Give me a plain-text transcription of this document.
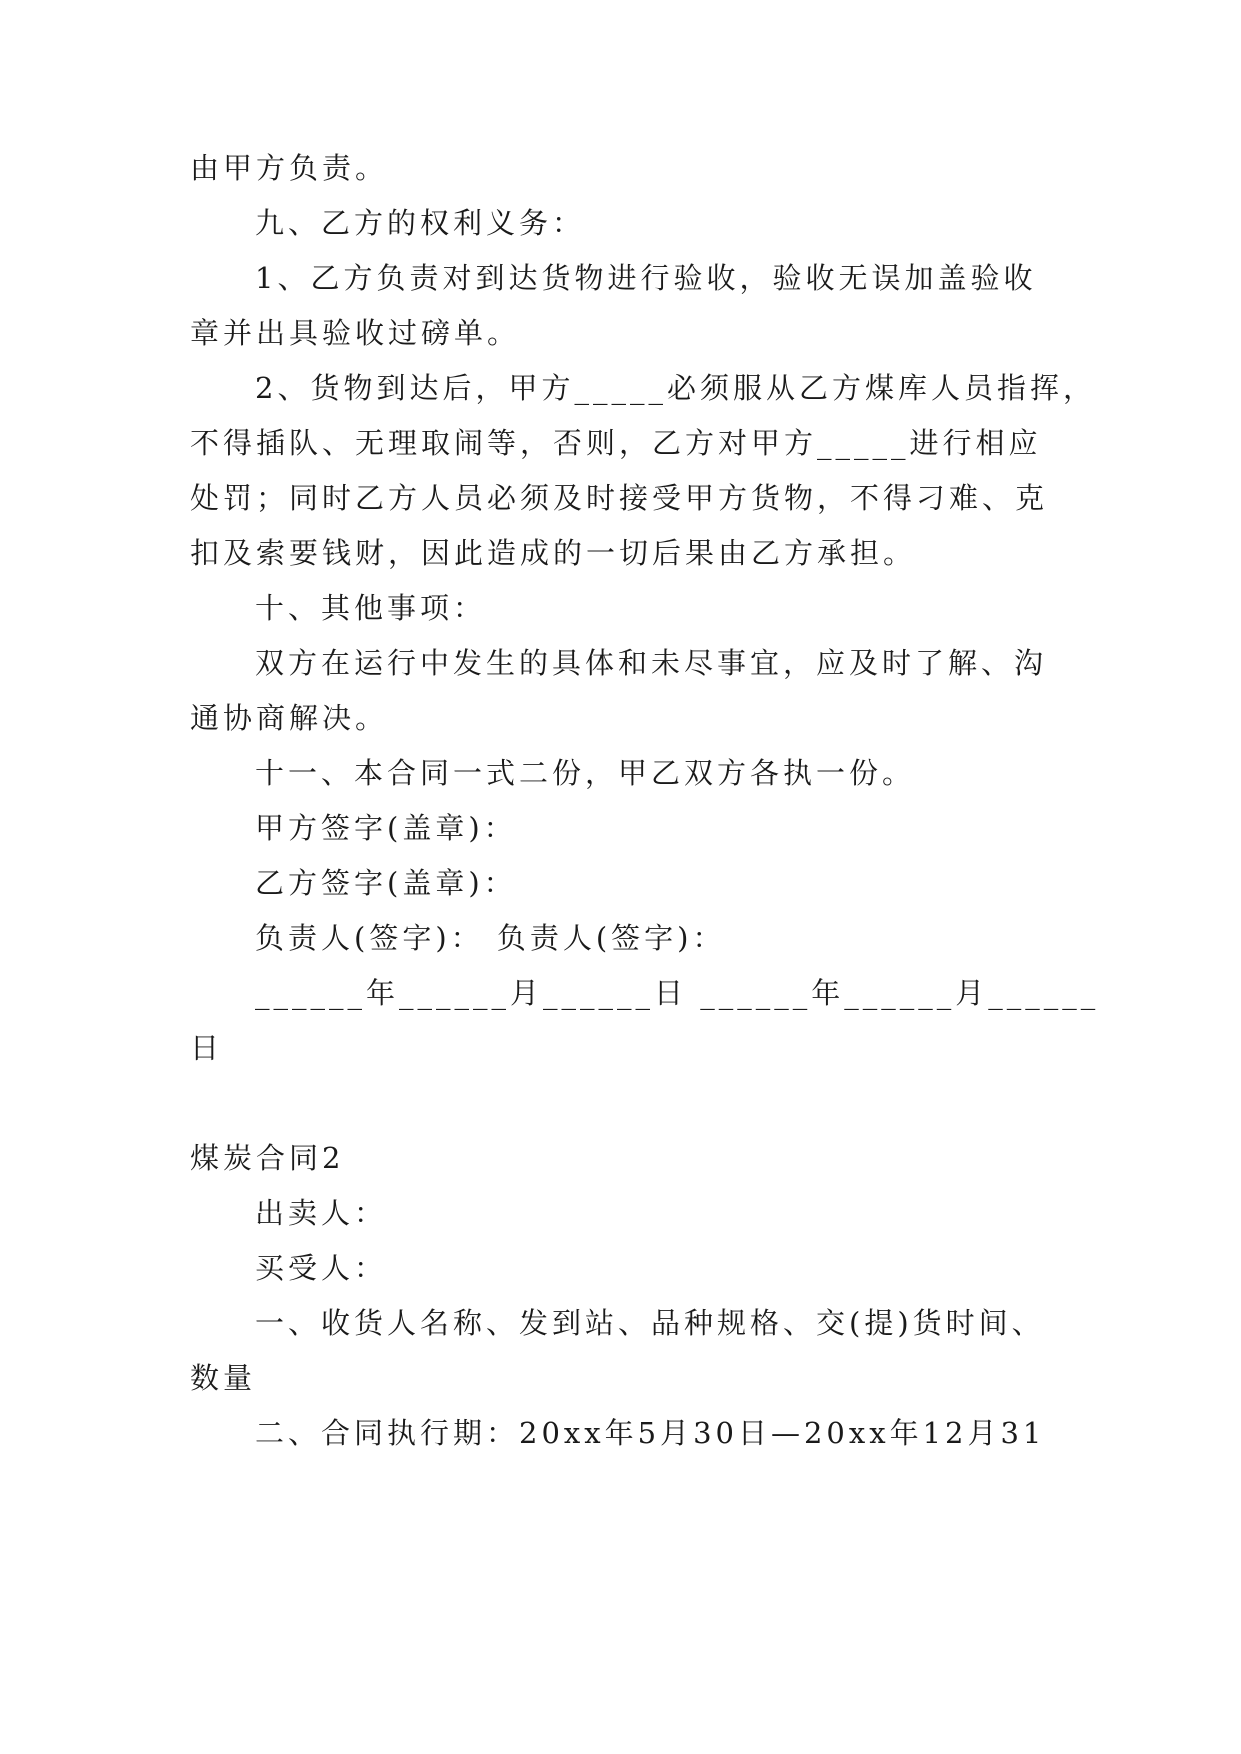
由甲方负责。
九、乙方的权利义务：
1、乙方负责对到达货物进行验收，验收无误加盖验收
章并出具验收过磅单。
2、货物到达后，甲方_____必须服从乙方煤库人员指挥，
不得插队、无理取闹等，否则，乙方对甲方_____进行相应
处罚；同时乙方人员必须及时接受甲方货物，不得刁难、克
扣及索要钱财，因此造成的一切后果由乙方承担。
十、其他事项：
双方在运行中发生的具体和未尽事宜，应及时了解、沟
通协商解决。
十一、本合同一式二份，甲乙双方各执一份。
甲方签字(盖章)：
乙方签字(盖章)：
负责人(签字)： 负责人(签字)：
______年______月______日 ______年______月______
日
煤炭合同2
出卖人：
买受人：
一、收货人名称、发到站、品种规格、交(提)货时间、
数量
二、合同执行期：20xx年5月30日—20xx年12月31
